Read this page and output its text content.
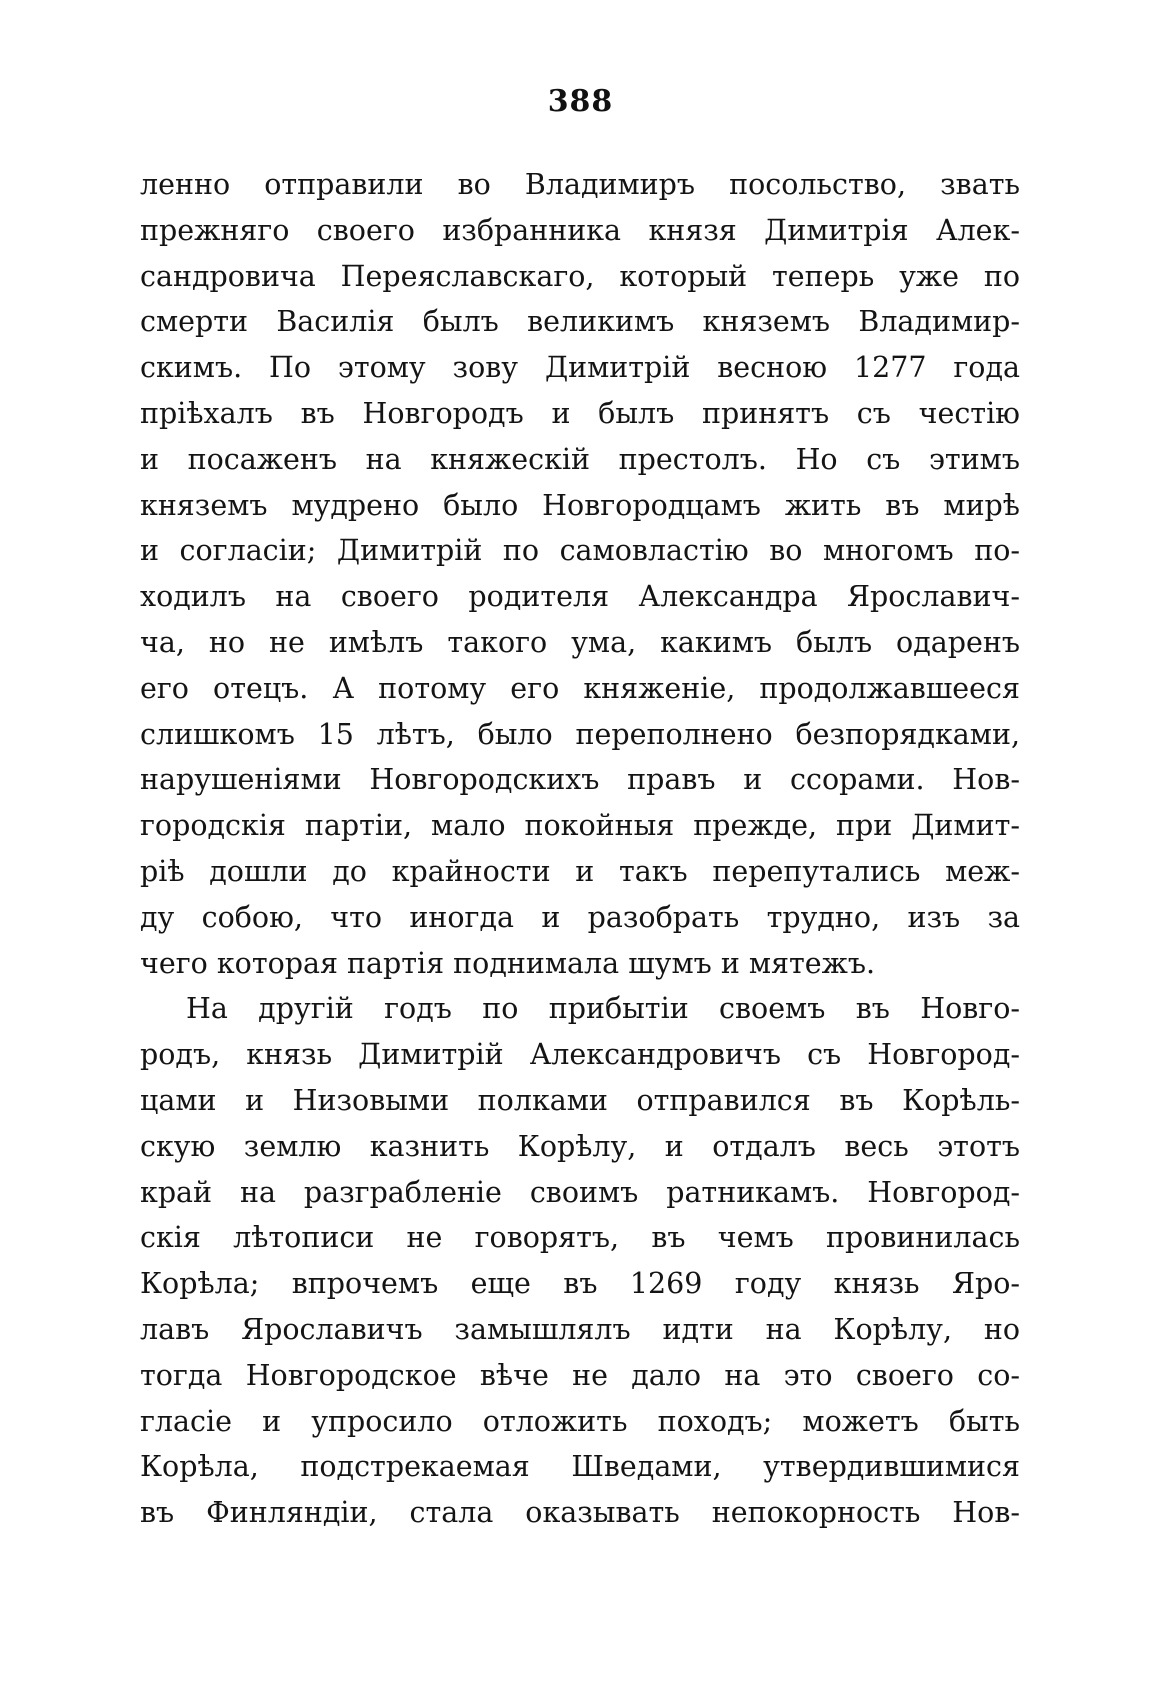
388
ленно отправили во Владимиръ посольство, звать
прежняго своего избранника князя Димитрія Алек-
сандровича Переяславскаго, который теперь уже по
смерти Василія былъ великимъ княземъ Владимир-
скимъ. По этому зову Димитрій весною 1277 года
пріѣхалъ въ Новгородъ и былъ принятъ съ честію
и посаженъ на княжескій престолъ. Но съ этимъ
княземъ мудрено было Новгородцамъ жить въ мирѣ
и согласіи; Димитрій по самовластію во многомъ по-
ходилъ на своего родителя Александра Ярославич-
ча, но не имѣлъ такого ума, какимъ былъ одаренъ
его отецъ. А потому его княженіе, продолжавшееся
слишкомъ 15 лѣтъ, было переполнено безпорядками,
нарушеніями Новгородскихъ правъ и ссорами. Нов-
городскія партіи, мало покойныя прежде, при Димит-
ріѣ дошли до крайности и такъ перепутались меж-
ду собою, что иногда и разобрать трудно, изъ за
чего которая партія поднимала шумъ и мятежъ.
На другій годъ по прибытіи своемъ въ Новго-
родъ, князь Димитрій Александровичъ съ Новгород-
цами и Низовыми полками отправился въ Корѣль-
скую землю казнить Корѣлу, и отдалъ весь этотъ
край на разграбленіе своимъ ратникамъ. Новгород-
скія лѣтописи не говорятъ, въ чемъ провинилась
Корѣла; впрочемъ еще въ 1269 году князь Яро-
лавъ Ярославичъ замышлялъ идти на Корѣлу, но
тогда Новгородское вѣче не дало на это своего со-
гласіе и упросило отложить походъ; можетъ быть
Корѣла, подстрекаемая Шведами, утвердившимися
въ Финляндіи, стала оказывать непокорность Нов-
